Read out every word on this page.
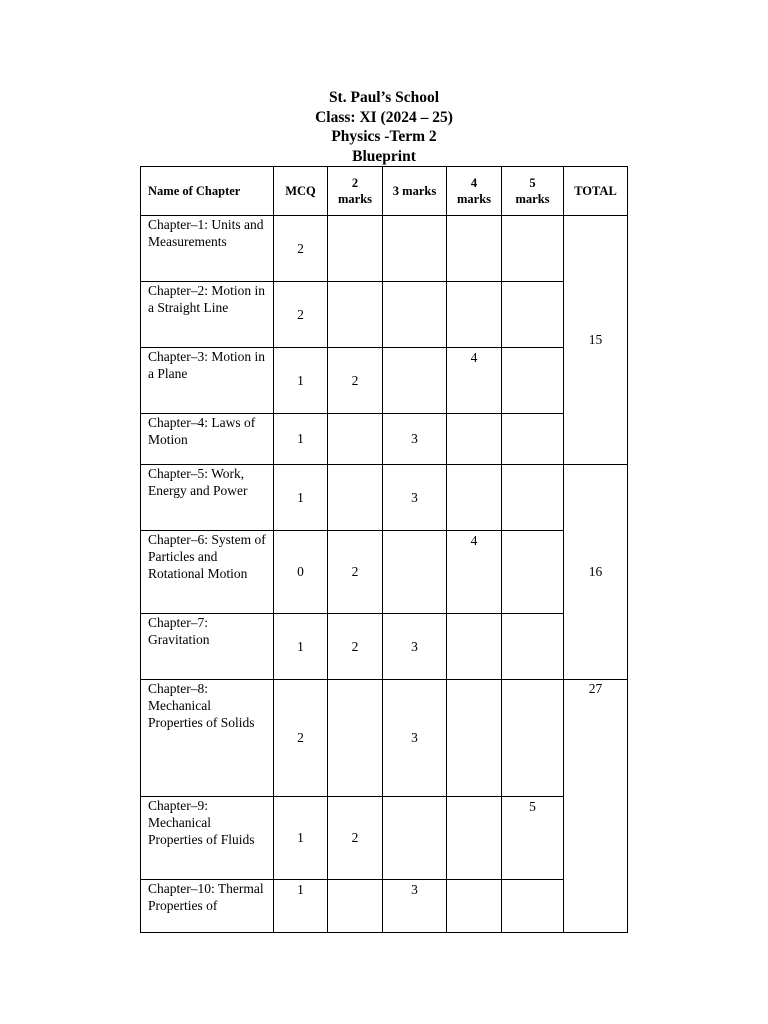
St. Paul’s School
Class: XI (2024 – 25)
Physics -Term 2
Blueprint
Name of Chapter	MCQ	2 marks	3 marks	4 marks	5 marks	TOTAL
Chapter–1: Units and Measurements	2					15
Chapter–2: Motion in a Straight Line	2					
Chapter–3: Motion in a Plane	1	2		4		
Chapter–4: Laws of Motion	1		3			
Chapter–5: Work, Energy and Power	1		3			16
Chapter–6: System of Particles and Rotational Motion	0	2		4		
Chapter–7: Gravitation	1	2	3			
Chapter–8: Mechanical Properties of Solids	2		3			27
Chapter–9: Mechanical Properties of Fluids	1	2			5	
Chapter–10: Thermal Properties of	1		3			
